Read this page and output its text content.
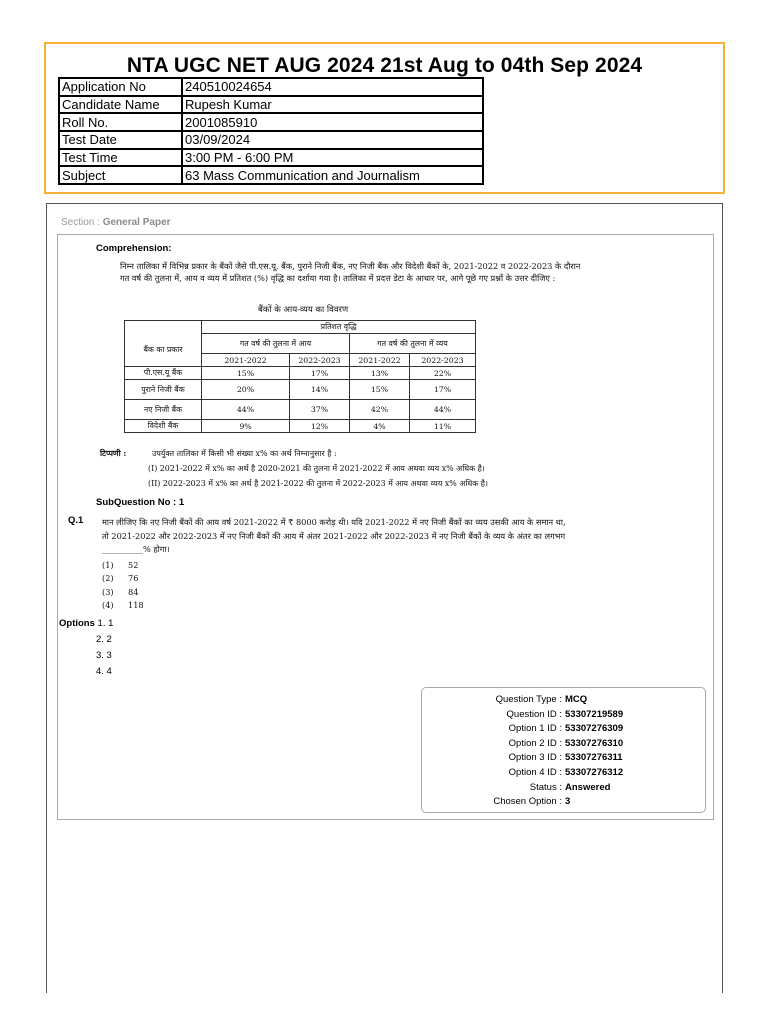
NTA UGC NET AUG 2024 21st Aug to 04th Sep 2024
Application No	240510024654
Candidate Name	Rupesh Kumar
Roll No.	2001085910
Test Date	03/09/2024
Test Time	3:00 PM - 6:00 PM
Subject	63 Mass Communication and Journalism
Section : General Paper
Comprehension:
निम्न तालिका में विभिन्न प्रकार के बैंकों जैसे पी.एस.यू. बैंक, पुराने निजी बैंक, नए निजी बैंक और विदेशी बैंकों के, 2021-2022 व 2022-2023 के दौरान गत वर्ष की तुलना में, आय व व्यय में प्रतिशत (%) वृद्धि का दर्शाया गया है। तालिका में प्रदत्त डेटा के आधार पर, आगे पूछे गए प्रश्नों के उत्तर दीजिए :
बैंकों के आय-व्यय का विवरण
	प्रतिशत वृद्धि			
बैंक का प्रकार	गत वर्ष की तुलना में आय		गत वर्ष की तुलना में व्यय	
	2021-2022	2022-2023	2021-2022	2022-2023
पी.एस.यू बैंक	15%	17%	13%	22%
पुराने निजी बैंक	20%	14%	15%	17%
नए निजी बैंक	44%	37%	42%	44%
विदेशी बैंक	9%	12%	4%	11%
टिप्पणी :	उपर्युक्त तालिका में किसी भी संख्या x% का अर्थ निम्नानुसार है :
(I) 2021-2022 में x% का अर्थ है 2020-2021 की तुलना में 2021-2022 में आय अथवा व्यय x% अधिक है।
(II) 2022-2023 में x% का अर्थ है 2021-2022 की तुलना में 2022-2023 में आय अथवा व्यय x% अधिक है।
SubQuestion No : 1
Q.1 मान लीजिए कि नए निजी बैंकों की आय वर्ष 2021-2022 में ₹ 8000 करोड़ थी। यदि 2021-2022 में नए निजी बैंकों का व्यय उसकी आय के समान था, तो 2021-2022 और 2022-2023 में नए निजी बैंकों की आय में अंतर 2021-2022 और 2022-2023 में नए निजी बैंकों के व्यय के अंतर का लगभग __________% होगा।
(1) 52
(2) 76
(3) 84
(4) 118
Options 1. 1
2. 2
3. 3
4. 4
Question Type : MCQ
Question ID : 53307219589
Option 1 ID : 53307276309
Option 2 ID : 53307276310
Option 3 ID : 53307276311
Option 4 ID : 53307276312
Status : Answered
Chosen Option : 3
